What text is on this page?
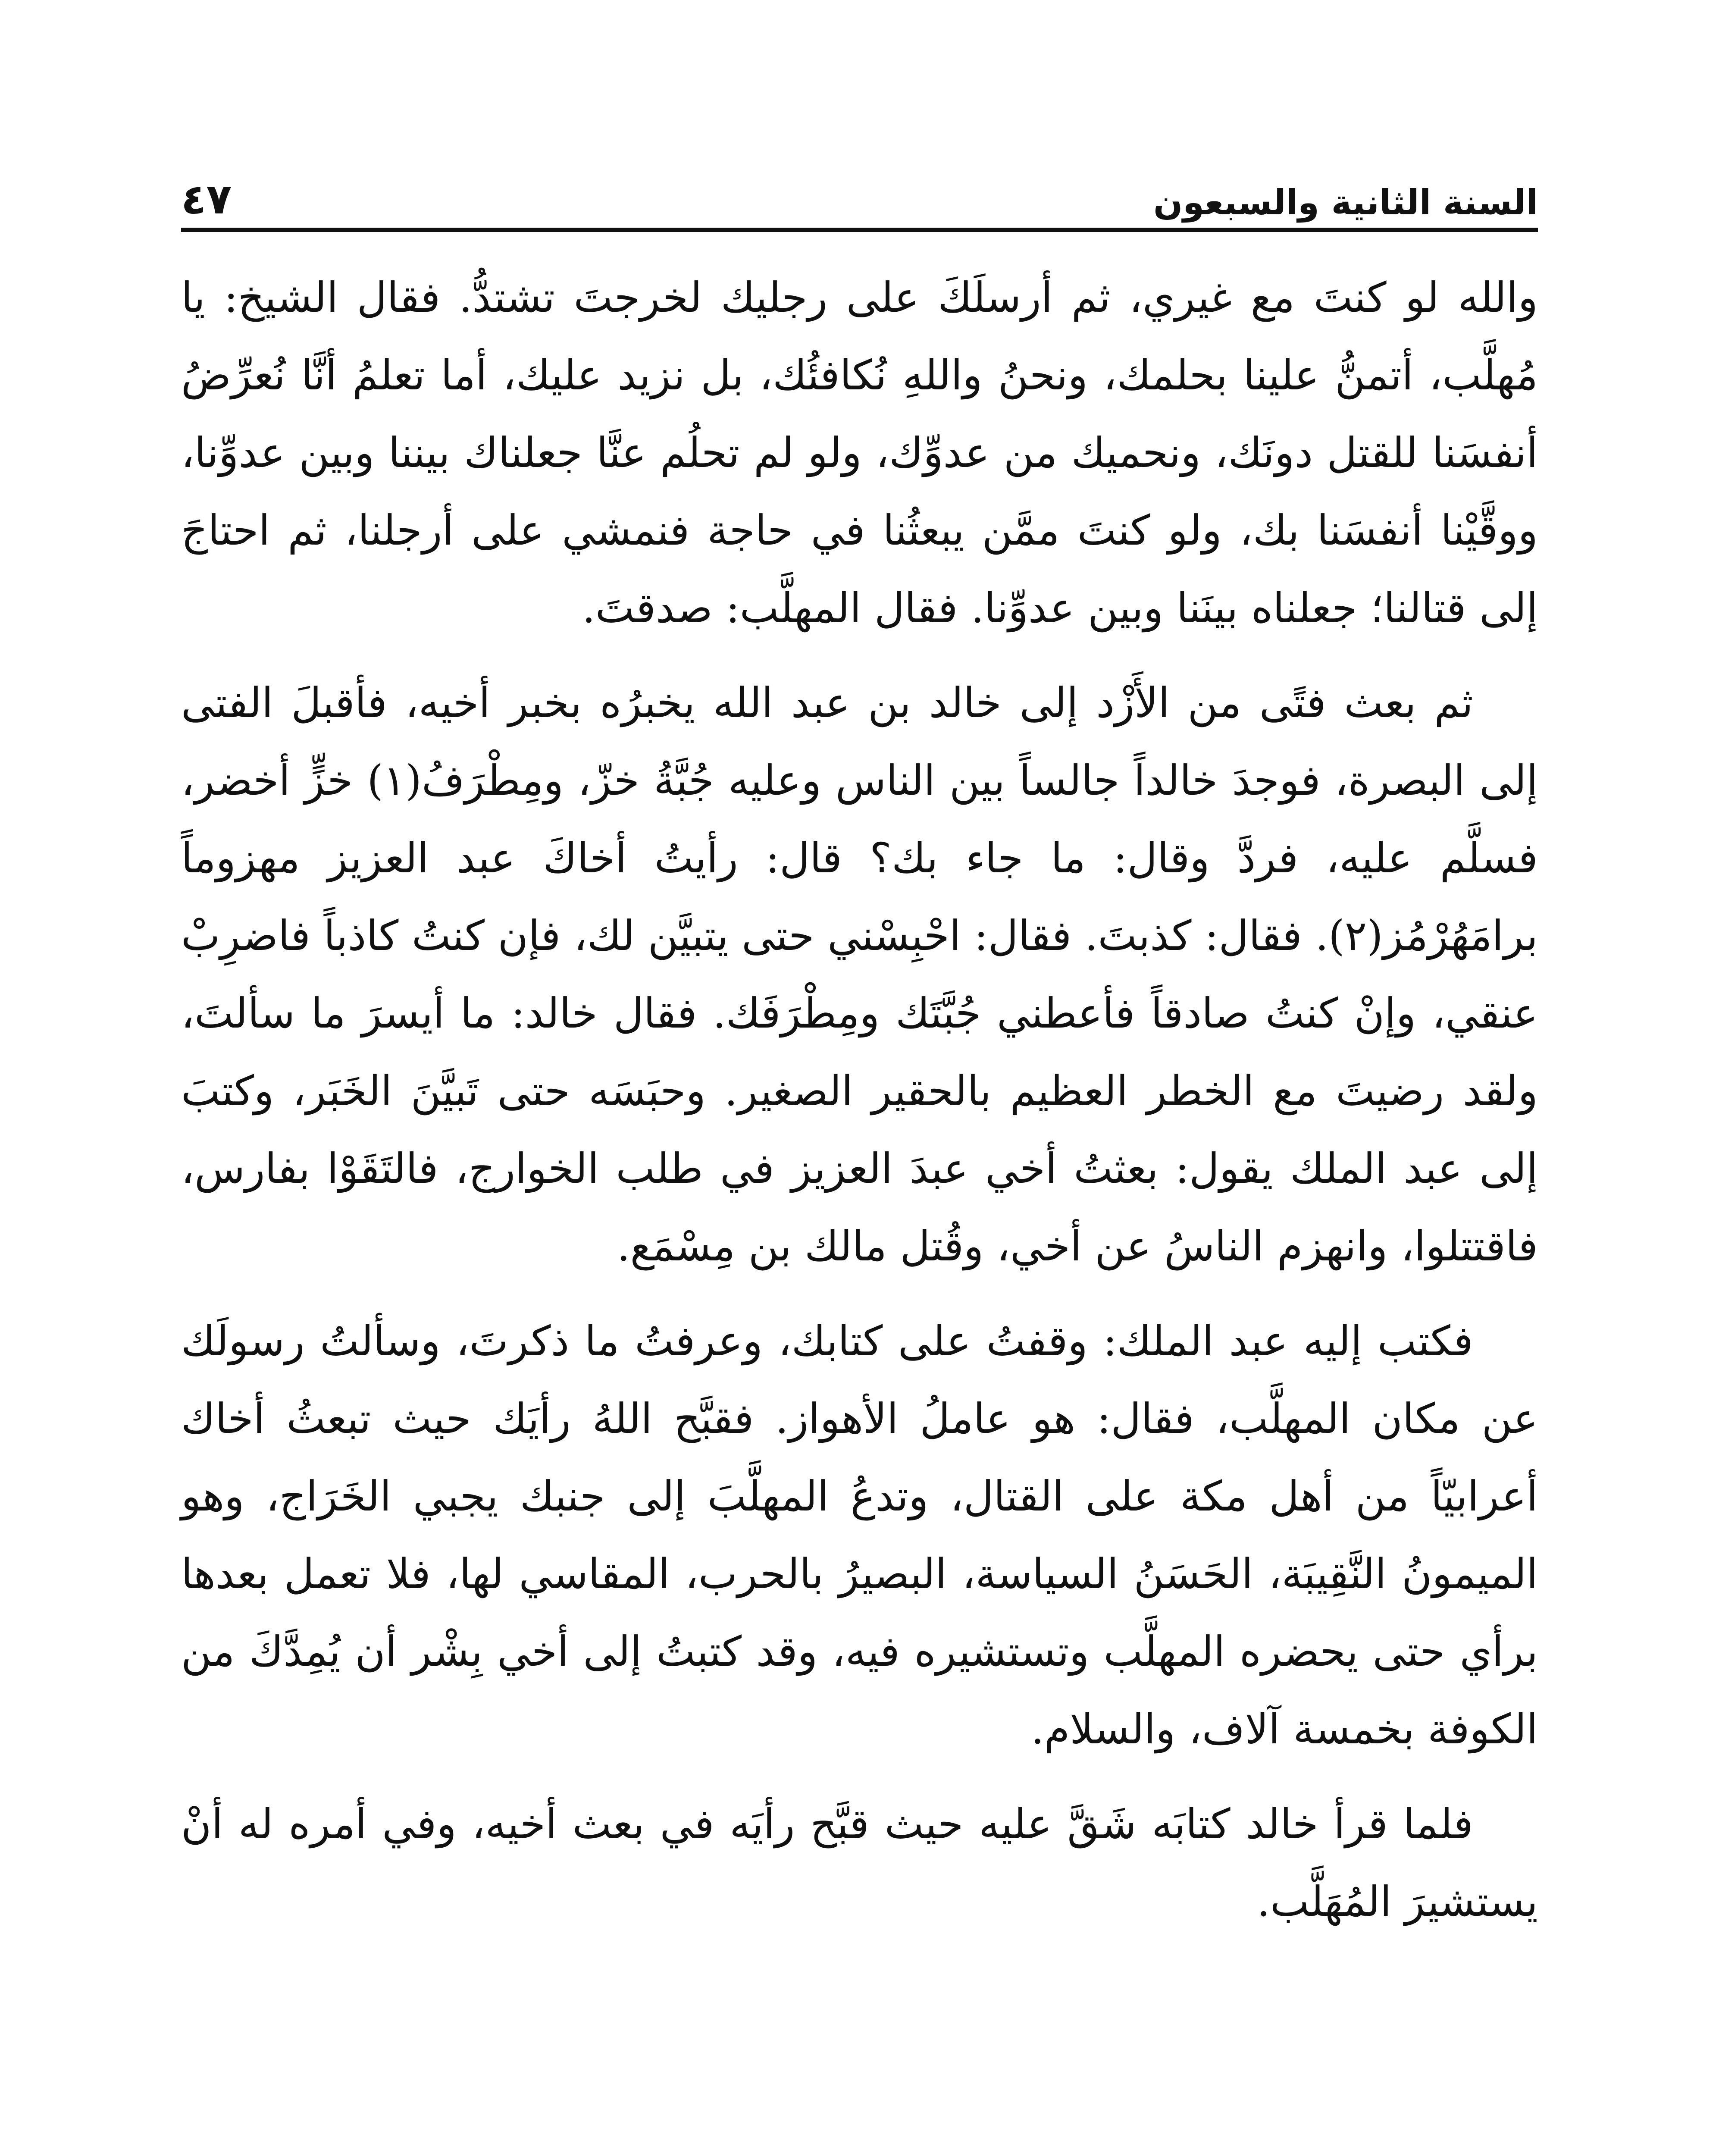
السنة الثانية والسبعون
٤٧

والله لو كنتَ مع غيري، ثم أرسلَكَ على رجليك لخرجتَ تشتدُّ. فقال الشيخ: يا مُهلَّب، أتمنُّ علينا بحلمك، ونحنُ واللهِ نُكافئُك، بل نزيد عليك، أما تعلمُ أنَّا نُعرِّضُ أنفسَنا للقتل دونَك، ونحميك من عدوِّك، ولو لم تحلُم عنَّا جعلناك بيننا وبين عدوِّنا، ووقَّيْنا أنفسَنا بك، ولو كنتَ ممَّن يبعثُنا في حاجة فنمشي على أرجلنا، ثم احتاجَ إلى قتالنا؛ جعلناه بينَنا وبين عدوِّنا. فقال المهلَّب: صدقتَ.

ثم بعث فتًى من الأَزْد إلى خالد بن عبد الله يخبرُه بخبر أخيه، فأقبلَ الفتى إلى البصرة، فوجدَ خالداً جالساً بين الناس وعليه جُبَّةُ خزّ، ومِطْرَفُ(١) خزٍّ أخضر، فسلَّم عليه، فردَّ وقال: ما جاء بك؟ قال: رأيتُ أخاكَ عبد العزيز مهزوماً برامَهُرْمُز(٢). فقال: كذبتَ. فقال: احْبِسْني حتى يتبيَّن لك، فإن كنتُ كاذباً فاضرِبْ عنقي، وإنْ كنتُ صادقاً فأعطني جُبَّتَك ومِطْرَفَك. فقال خالد: ما أيسرَ ما سألتَ، ولقد رضيتَ مع الخطر العظيم بالحقير الصغير. وحبَسَه حتى تَبيَّنَ الخَبَر، وكتبَ إلى عبد الملك يقول: بعثتُ أخي عبدَ العزيز في طلب الخوارج، فالتَقَوْا بفارس، فاقتتلوا، وانهزم الناسُ عن أخي، وقُتل مالك بن مِسْمَع.

فكتب إليه عبد الملك: وقفتُ على كتابك، وعرفتُ ما ذكرتَ، وسألتُ رسولَك عن مكان المهلَّب، فقال: هو عاملُ الأهواز. فقبَّح اللهُ رأيَك حيث تبعثُ أخاك أعرابيّاً من أهل مكة على القتال، وتدعُ المهلَّبَ إلى جنبك يجبي الخَرَاج، وهو الميمونُ النَّقِيبَة، الحَسَنُ السياسة، البصيرُ بالحرب، المقاسي لها، فلا تعمل بعدها برأي حتى يحضره المهلَّب وتستشيره فيه، وقد كتبتُ إلى أخي بِشْر أن يُمِدَّكَ من الكوفة بخمسة آلاف، والسلام.

فلما قرأ خالد كتابَه شَقَّ عليه حيث قبَّح رأيَه في بعث أخيه، وفي أمره له أنْ يستشيرَ المُهَلَّب.
